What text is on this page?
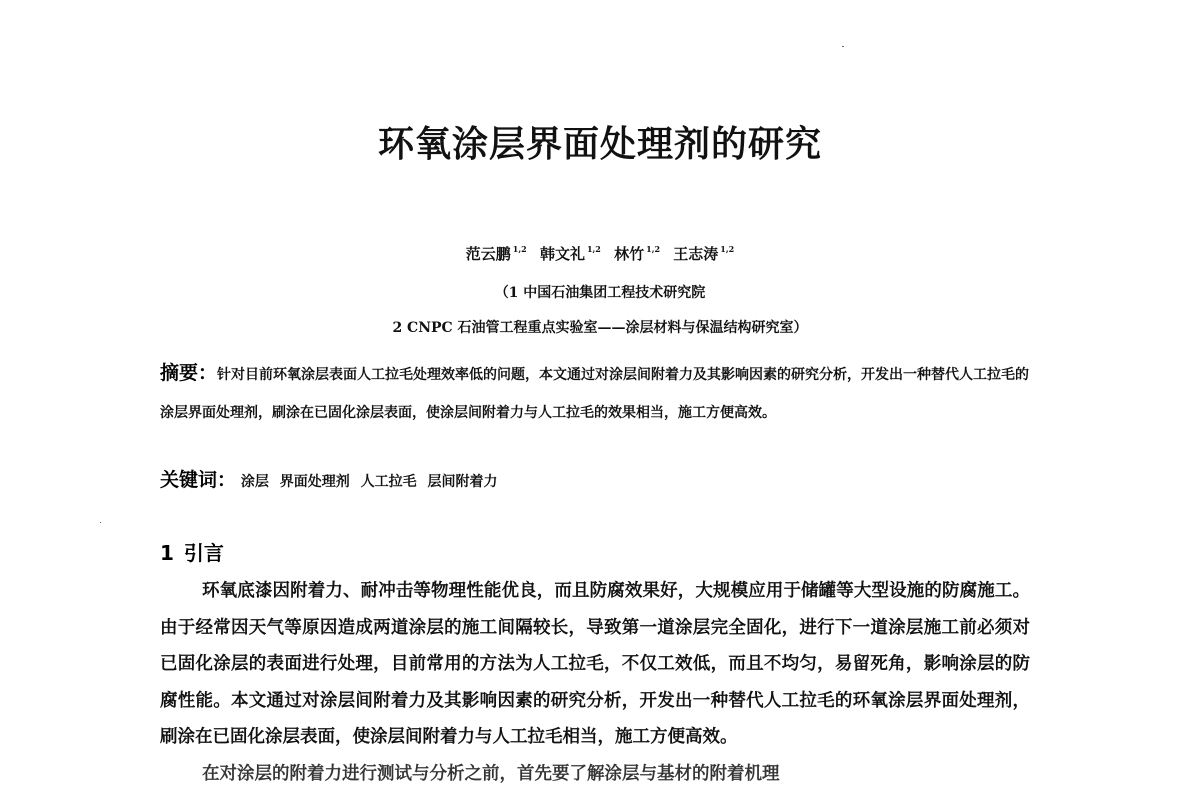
环氧涂层界面处理剂的研究
范云鹏 $^{1,2}$ 韩文礼 $^{1,2}$ 林竹 $^{1,2}$ 王志涛 $^{1,2}$
（1 中国石油集团工程技术研究院
2 CNPC 石油管工程重点实验室——涂层材料与保温结构研究室）
摘要：针对目前环氧涂层表面人工拉毛处理效率低的问题，本文通过对涂层间附着力及其影响因素的研究分析，开发出一种替代人工拉毛的涂层界面处理剂，刷涂在已固化涂层表面，使涂层间附着力与人工拉毛的效果相当，施工方便高效。
关键词： 涂层 界面处理剂 人工拉毛 层间附着力
1 引言

环氧底漆因附着力、耐冲击等物理性能优良，而且防腐效果好，大规模应用于储罐等大型设施的防腐施工。由于经常因天气等原因造成两道涂层的施工间隔较长，导致第一道涂层完全固化，进行下一道涂层施工前必须对已固化涂层的表面进行处理，目前常用的方法为人工拉毛，不仅工效低，而且不均匀，易留死角，影响涂层的防腐性能。本文通过对涂层间附着力及其影响因素的研究分析，开发出一种替代人工拉毛的环氧涂层界面处理剂，刷涂在已固化涂层表面，使涂层间附着力与人工拉毛相当，施工方便高效。

在对涂层的附着力进行测试与分析之前，首先要了解涂层与基材的附着机理
